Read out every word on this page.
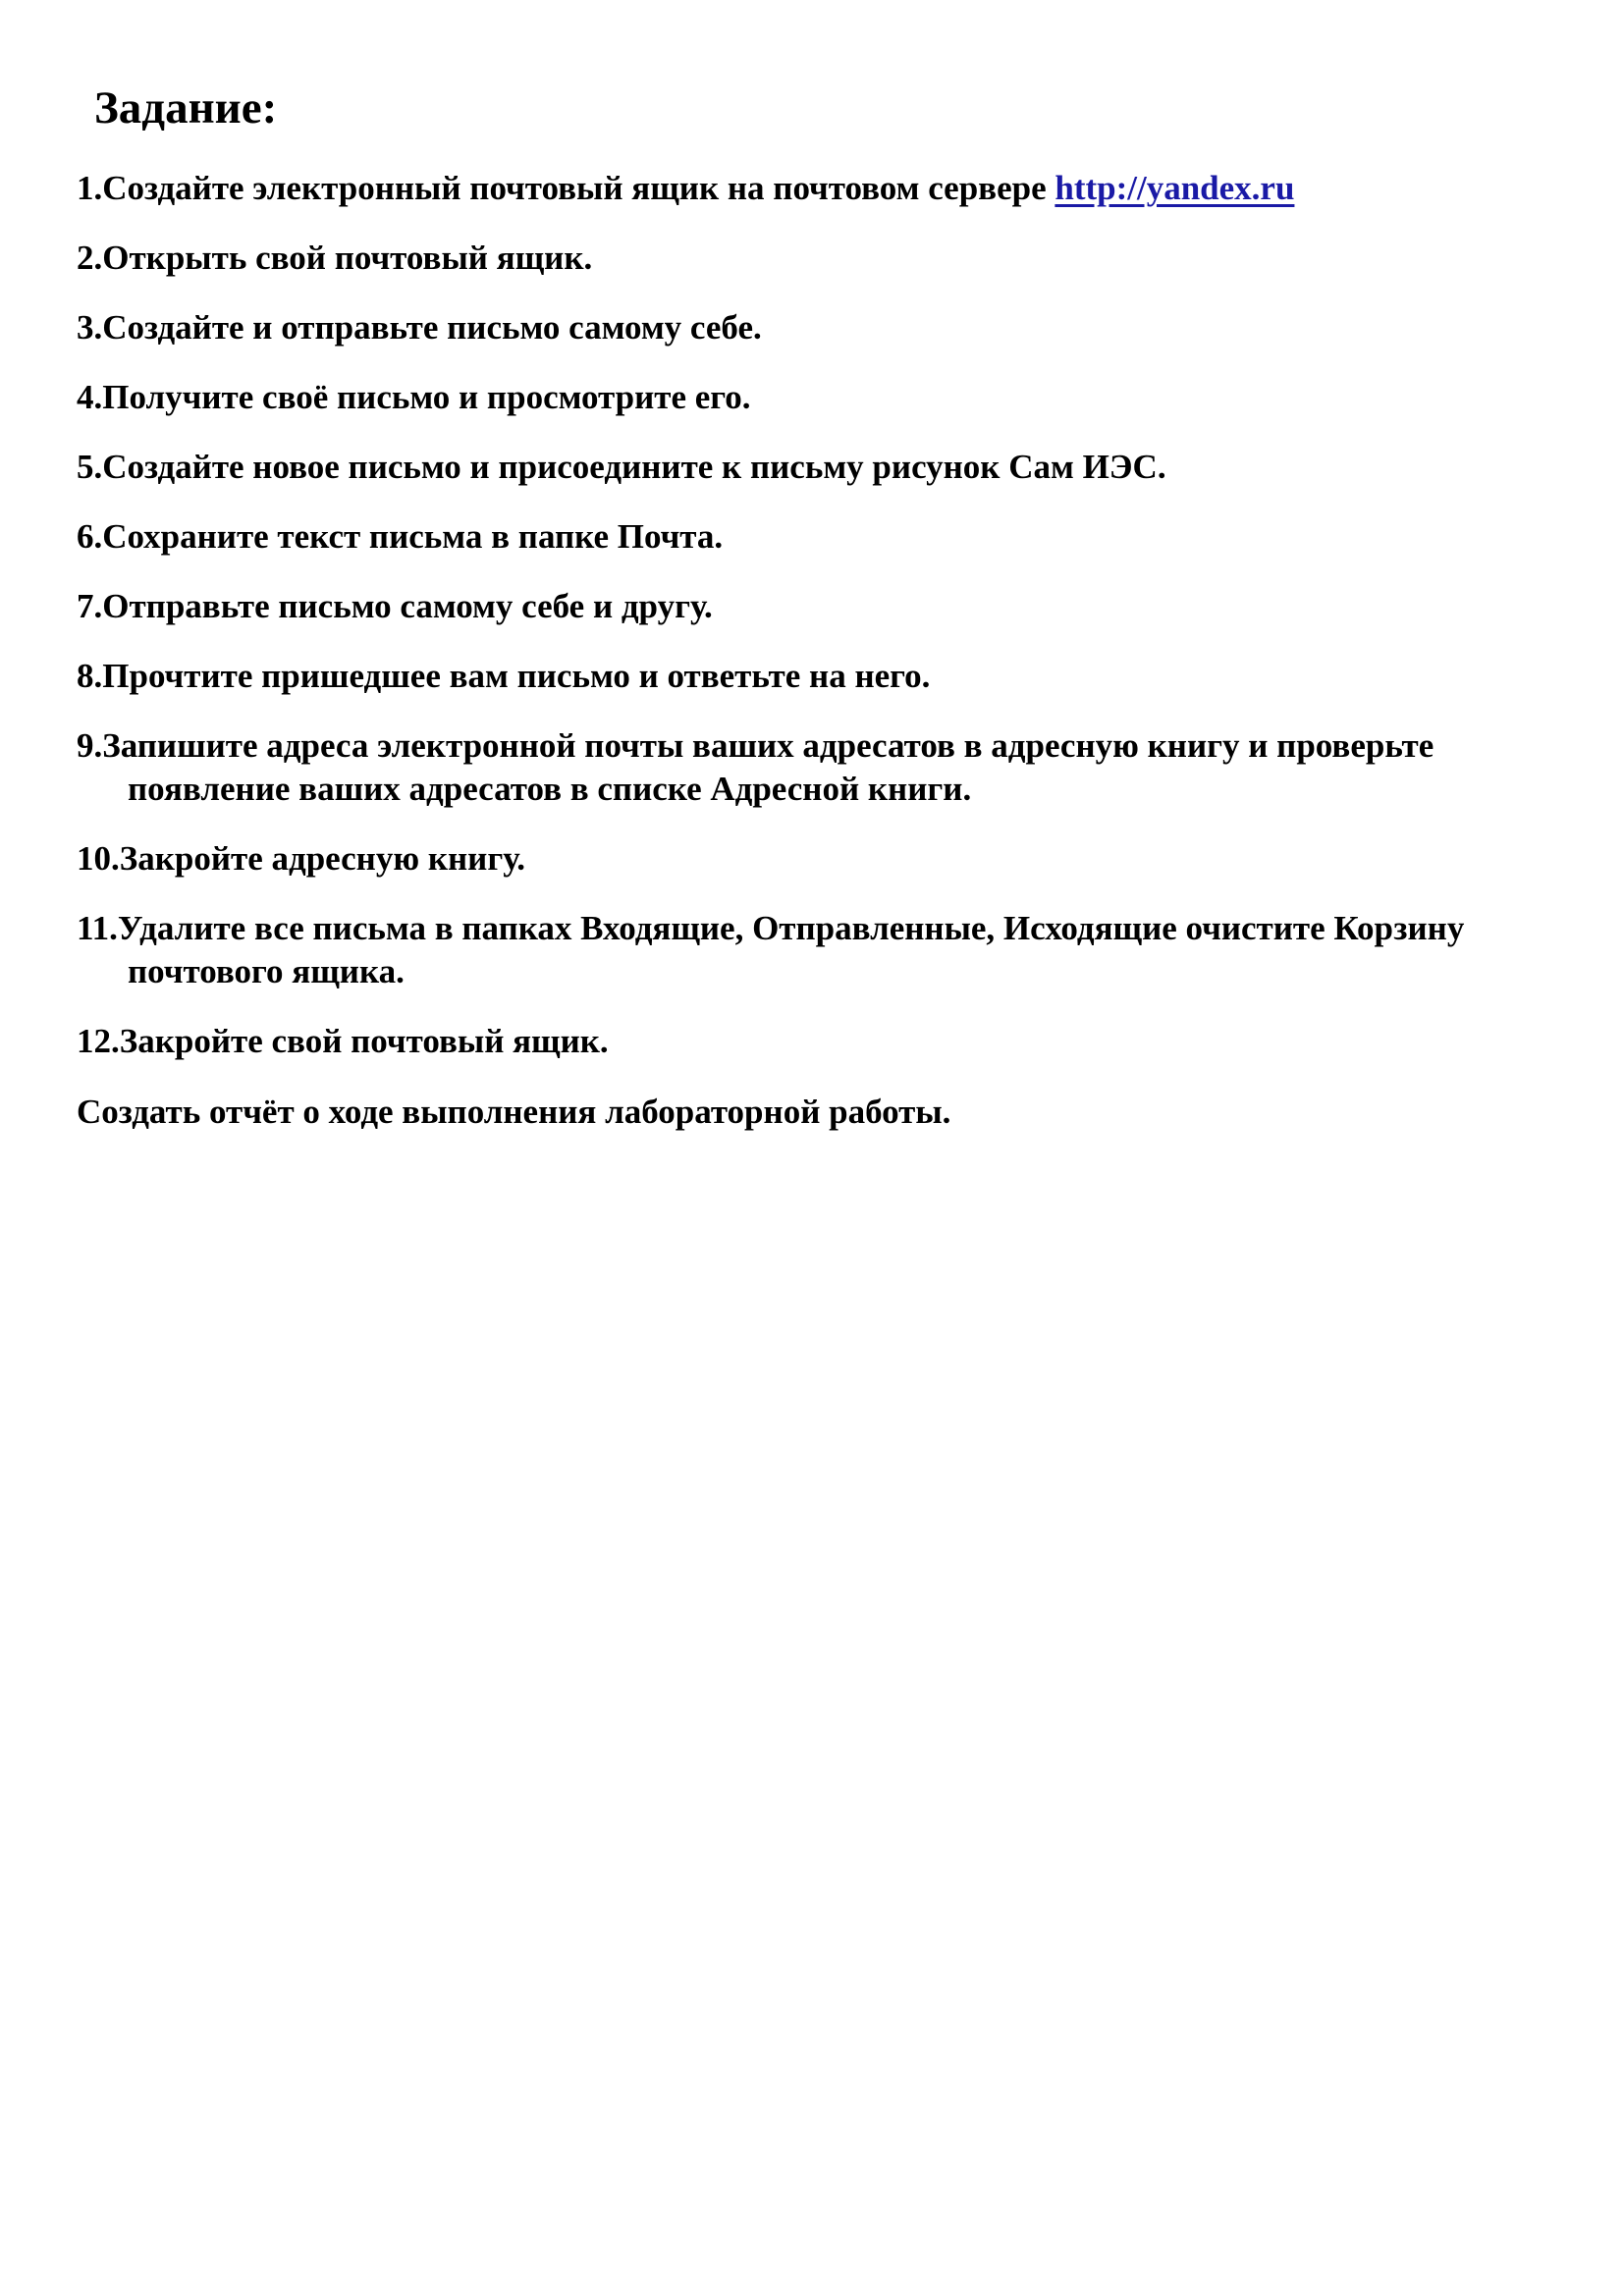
Задание:
1.Создайте электронный почтовый ящик на почтовом сервере http://yandex.ru
2.Открыть свой почтовый ящик.
3.Создайте и отправьте письмо самому себе.
4.Получите своё письмо и просмотрите его.
5.Создайте новое письмо и присоедините к письму рисунок Сам ИЭС.
6.Сохраните текст письма в папке Почта.
7.Отправьте письмо самому себе и другу.
8.Прочтите пришедшее вам письмо и ответьте на него.
9.Запишите адреса электронной почты ваших адресатов в адресную книгу и проверьте появление ваших адресатов в списке Адресной книги.
10.Закройте адресную книгу.
11.Удалите все письма в папках Входящие, Отправленные, Исходящие очистите Корзину почтового ящика.
12.Закройте свой почтовый ящик.
Создать отчёт о ходе выполнения лабораторной работы.
